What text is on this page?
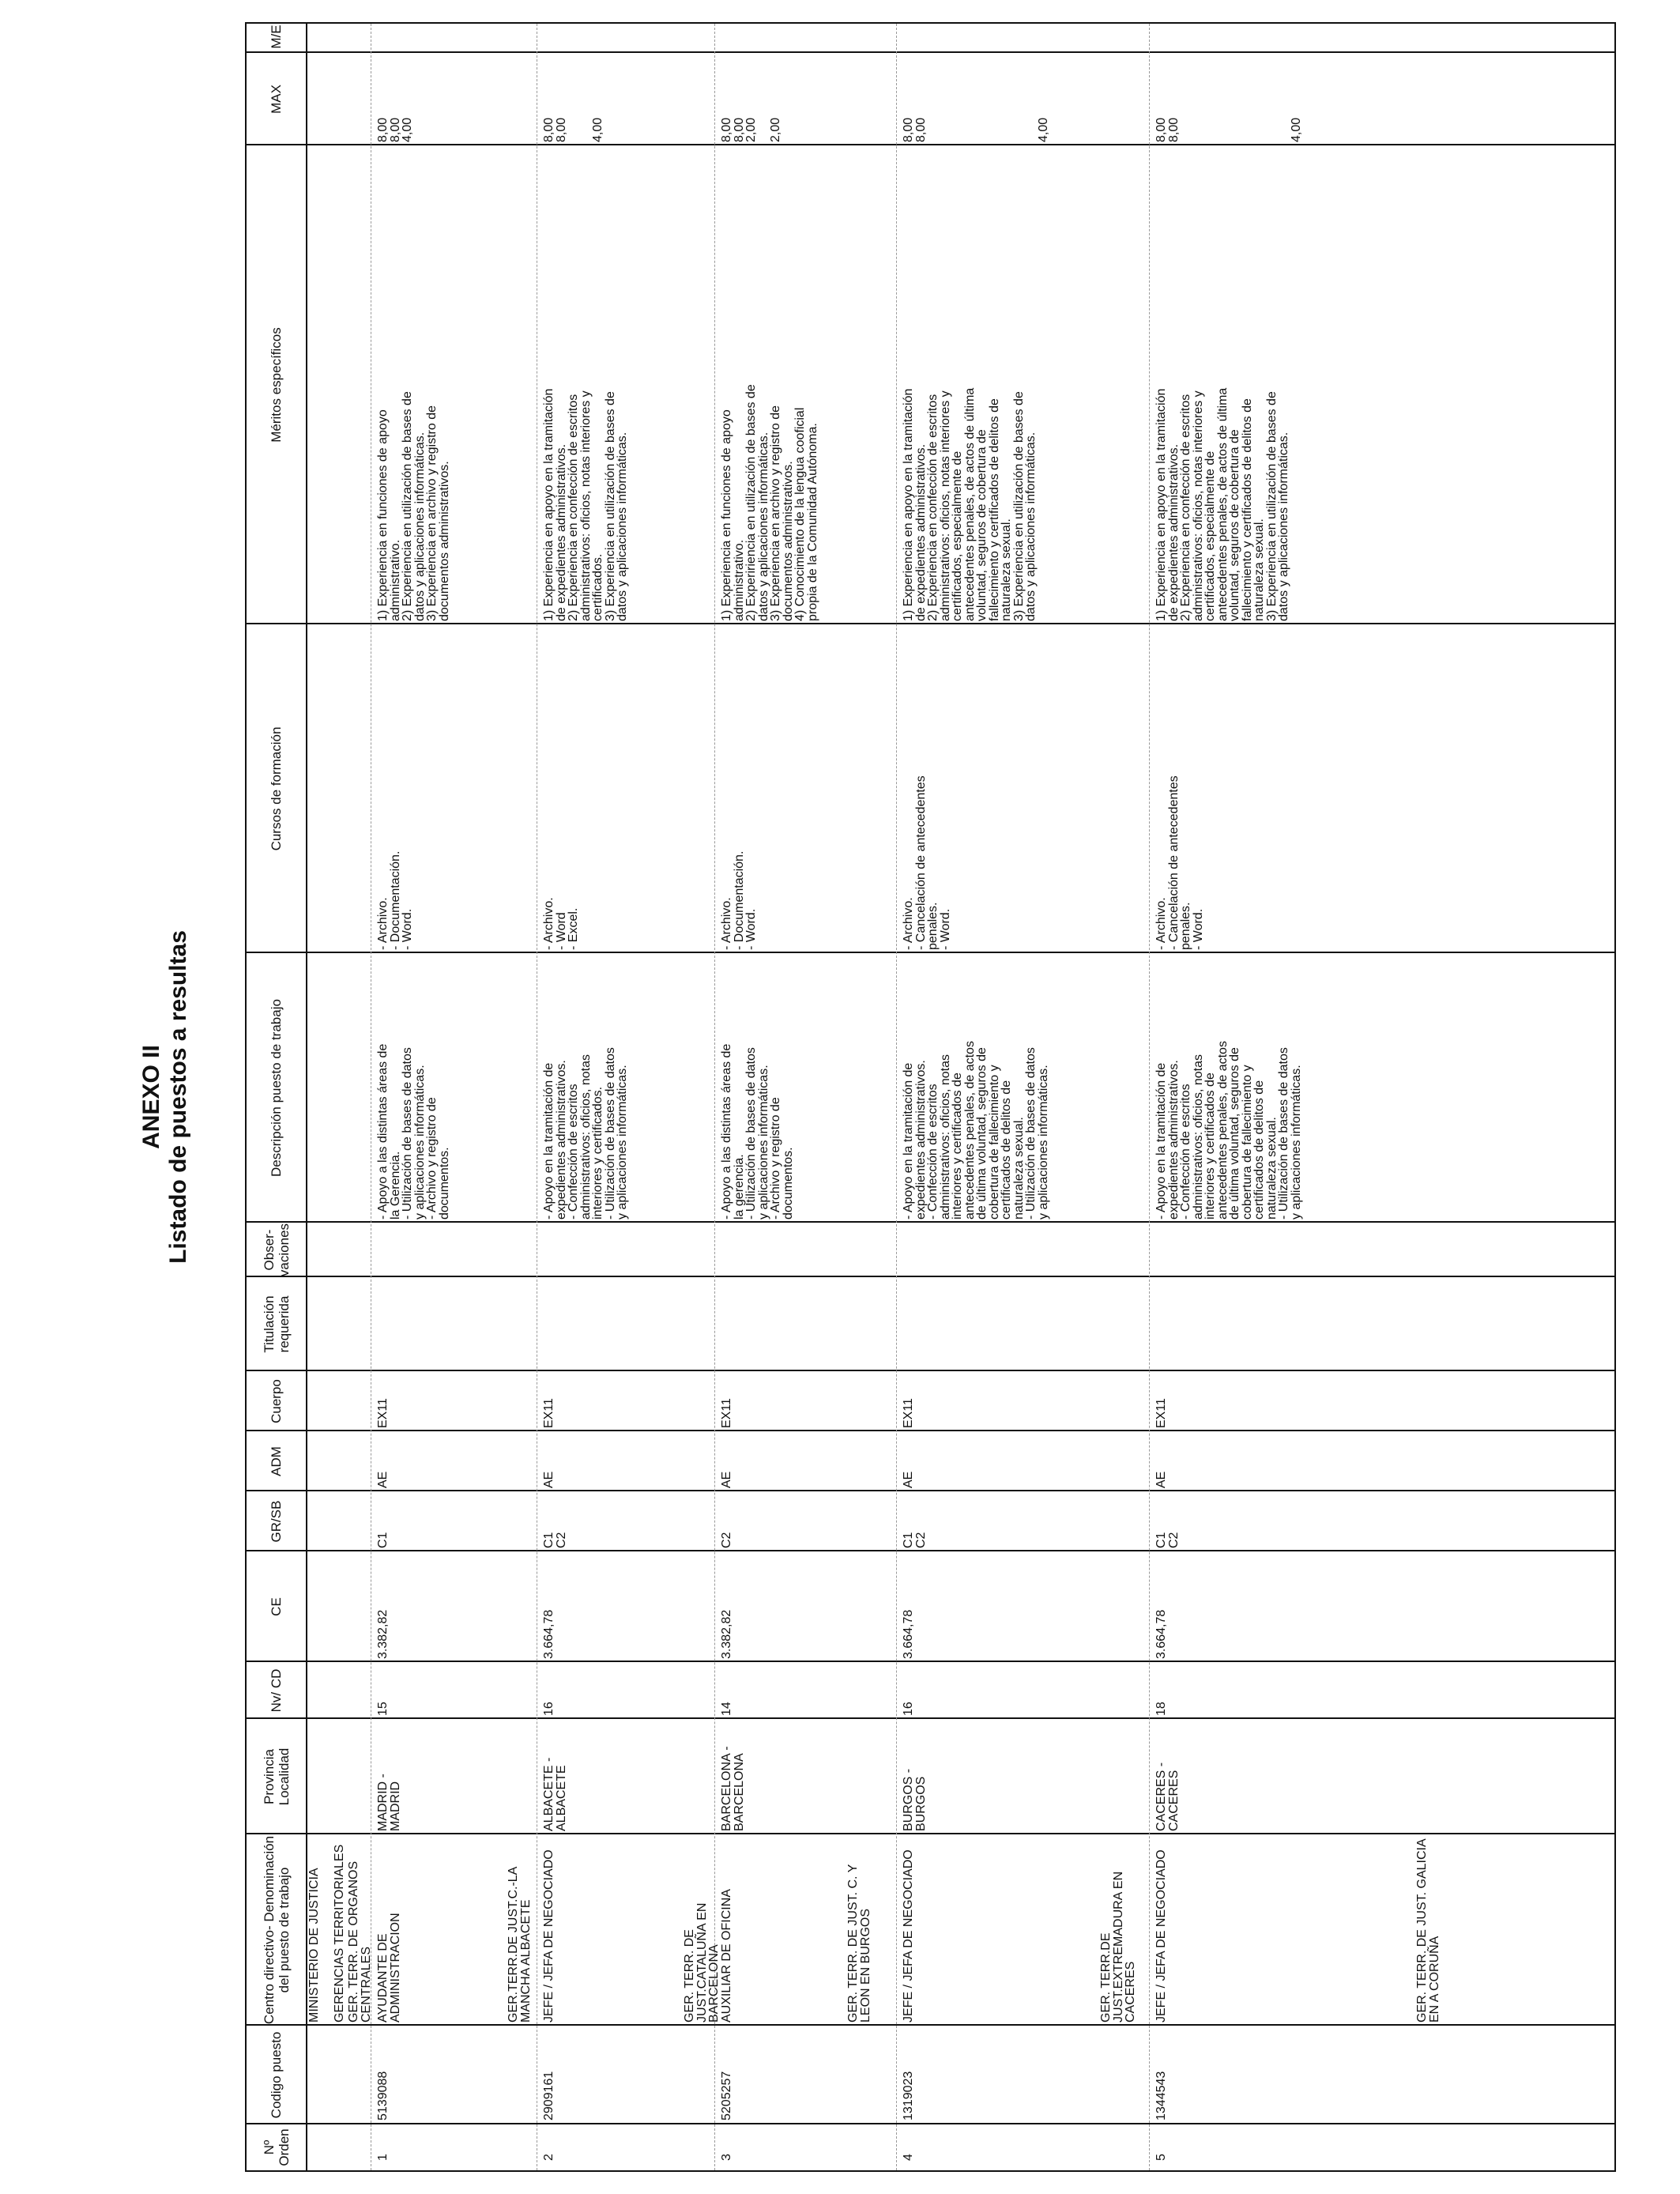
ANEXO II Listado de puestos a resultas
Nº Orden
Codigo puesto
Centro directivo- Denominación del puesto de trabajo
Provincia Localidad
Nv/ CD
CE
GR/SB
ADM
Cuerpo
Titulación requerida
Obser- vaciones
Descripción puesto de trabajo
Cursos de formación
Méritos específicos
MAX
M/E
MINISTERIO DE JUSTICIA GERENCIAS TERRITORIALES GER. TERR. DE ORGANOS
CENTRALES
1
5139088
AYUDANTE DE ADMINISTRACION
MADRID -
MADRID
15
3.382,82
C1
AE
EX11
- Apoyo a las distintas áreas de
la Gerencia.
- Utilización de bases de datos
y aplicaciones informáticas.
- Archivo y registro de
documentos.
- Archivo.
- Documentación.
- Word.
1) Experiencia en funciones de apoyo
administrativo.
2) Experiencia en utilización de bases de
datos y aplicaciones informáticas.
3) Experiencia en archivo y registro de
documentos administrativos.
8,00
8,00
4,00
GER.TERR.DE JUST.C.-LA
MANCHA ALBACETE
2
2909161
JEFE / JEFA DE NEGOCIADO
ALBACETE -
ALBACETE
16
3.664,78
C1
C2
AE
EX11
- Apoyo en la tramitación de
expedientes administrativos.
- Confección de escritos
administrativos: oficios, notas
interiores y certificados.
- Utilización de bases de datos
y aplicaciones informáticas.
- Archivo.
- Word
- Excel.
1) Experiencia en apoyo en la tramitación
de expedientes administrativos.
2) Experiencia en confección de escritos
administrativos: oficios, notas interiores y
certificados.
3) Experiencia en utilización de bases de
datos y aplicaciones informáticas.
8,00
8,00

4,00
GER. TERR. DE
JUST.CATALUÑA EN
BARCELONA
3
5205257
AUXILIAR DE OFICINA
BARCELONA -
BARCELONA
14
3.382,82
C2
AE
EX11
- Apoyo a las distintas áreas de
la gerencia.
- Utilización de bases de datos
y aplicaciones informáticas.
- Archivo y registro de
documentos.
- Archivo.
- Documentación.
- Word.
1) Experiencia en funciones de apoyo
administrativo.
2) Expeririencia en utilización de bases de
datos y aplicaciones informáticas.
3) Experiencia en archivo y registro de
documentos administrativos.
4) Conocimiento de la lengua cooficial
propia de la Comunidad Autónoma.
8,00
8,00
2,00

2,00
GER. TERR. DE JUST. C. Y
LEON EN BURGOS
4
1319023
JEFE / JEFA DE NEGOCIADO
BURGOS -
BURGOS
16
3.664,78
C1
C2
AE
EX11
- Apoyo en la tramitación de
expedientes administrativos.
- Confección de escritos
administrativos: oficios, notas
interiores y certificados de
antecedentes penales, de actos
de última voluntad, seguros de
cobertura de fallecimiento y
certificados de delitos de
naturaleza sexual.
- Utilización de bases de datos
y aplicaciones informáticas.
- Archivo.
- Cancelación de antecedentes
penales.
- Word.
1) Experiencia en apoyo en la tramitación
de expedientes administrativos.
2) Experiencia en confección de escritos
administrativos: oficios, notas interiores y
certificados, especialmente de
antecedentes penales, de actos de última
voluntad, seguros de cobertura de
fallecimiento y certificados de delitos de
naturaleza sexual.
3) Experiencia en utilización de bases de
datos y aplicaciones informáticas.
8,00
8,00

4,00
GER. TERR.DE
JUST.EXTREMADURA EN
CACERES
5
1344543
JEFE / JEFA DE NEGOCIADO
CACERES -
CACERES
18
3.664,78
C1
C2
AE
EX11
- Apoyo en la tramitación de
expedientes administrativos.
- Confección de escritos
administrativos: oficios, notas
interiores y certificados de
antecedentes penales, de actos
de última voluntad, seguros de
cobertura de fallecimiento y
certificados de delitos de
naturaleza sexual.
- Utilización de bases de datos
y aplicaciones informáticas.
- Archivo.
- Cancelación de antecedentes
penales.
- Word.
1) Experiencia en apoyo en la tramitación
de expedientes administrativos.
2) Experiencia en confección de escritos
administrativos: oficios, notas interiores y
certificados, especialmente de
antecedentes penales, de actos de última
voluntad, seguros de cobertura de
fallecimiento y certificados de delitos de
naturaleza sexual.
3) Experiencia en utilización de bases de
datos y aplicaciones informáticas.
8,00
8,00

4,00
GER. TERR. DE JUST. GALICIA
EN A CORUÑA
